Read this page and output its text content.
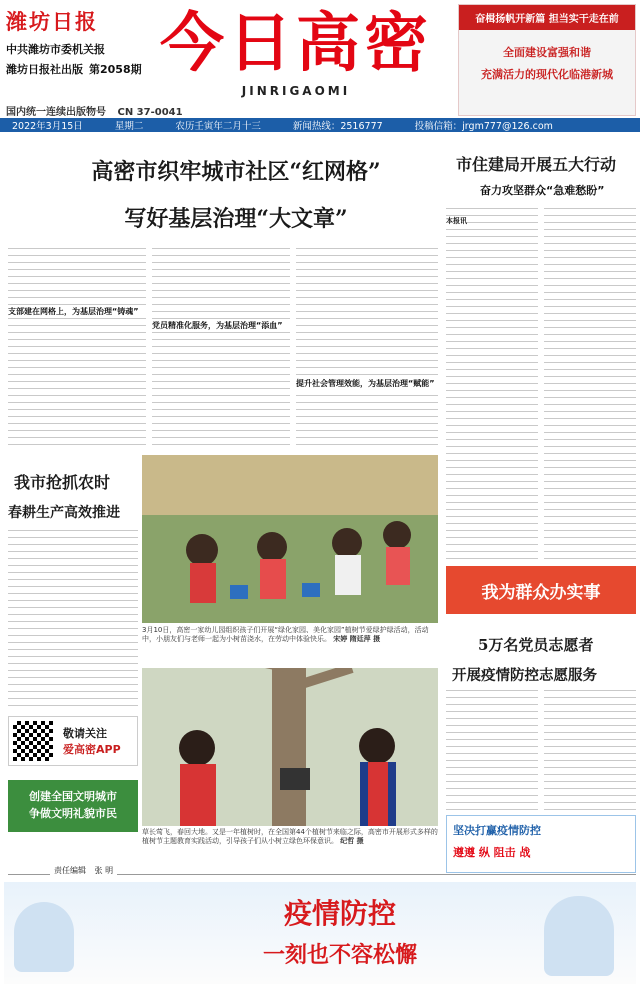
潍坊日报
中共潍坊市委机关报
潍坊日报社出版 第2058期
国内统一连续出版物号 CN 37-0041
今日高密
JINRIGAOMI
奋楫扬帆开新篇 担当实干走在前
全面建设富强和谐
充满活力的现代化临港新城
2022年3月15日	星期二	农历壬寅年二月十三	新闻热线：2516777	投稿信箱：jrgm777@126.com
高密市织牢城市社区“红网格”
写好基层治理“大文章”
支部建在网格上，为基层治理“铸魂”
党员精准化服务，为基层治理“添血”
提升社会管理效能，为基层治理“赋能”
市住建局开展五大行动
奋力攻坚群众“急难愁盼”
本报讯
我市抢抓农时
春耕生产高效推进
3月10日，高密一家幼儿园组织孩子们开展“绿化家园、美化家园”植树节爱绿护绿活动，活动中，小朋友们与老师一起为小树苗浇水，在劳动中体验快乐。 宋婷 隋廷萍 摄
草长莺飞，春回大地。又是一年植树时，在全国第44个植树节来临之际，高密市开展形式多样的植树节主题教育实践活动，引导孩子们从小树立绿色环保意识。 纪哲 摄
敬请关注
爱高密APP
创建全国文明城市
争做文明礼貌市民
我为群众办实事
5万名党员志愿者
开展疫情防控志愿服务
坚决打赢疫情防控
遵遵 纵 阻击 战
责任编辑 张 明
疫情防控
一刻也不容松懈
